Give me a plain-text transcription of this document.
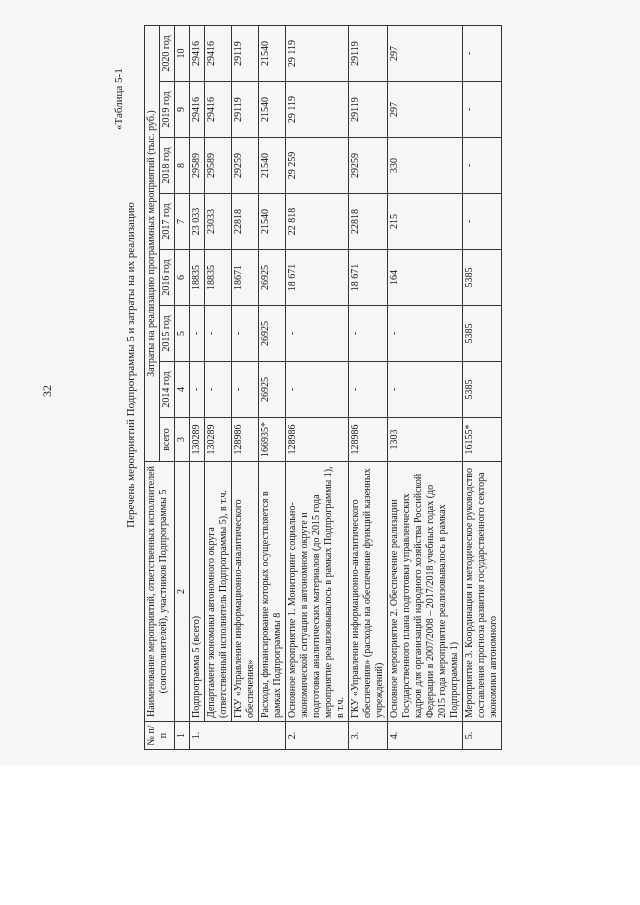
32
«Таблица 5-1
Перечень мероприятий Подпрограммы 5 и затраты на их реализацию
№ п/п	Наименование мероприятий, ответственных исполнителей (соисполнителей), участников Подпрограммы 5	Затраты на реализацию программных мероприятий (тыс. руб.)							
		всего	2014 год	2015 год	2016 год	2017 год	2018 год	2019 год	2020 год
1	2	3	4	5	6	7	8	9	10
1.	Подпрограмма 5 (всего)	130289	-	-	18835	23 033	29589	29416	29416
	Департамент экономики автономного округа (ответственный исполнитель Подпрограммы 5), в т.ч.	130289	-	-	18835	23033	29589	29416	29416
	ГКУ «Управление информационно-аналитического обеспечения»	128986	-	-	18671	22818	29259	29119	29119
	Расходы, финансирование которых осуществляется в рамках Подпрограммы 8	166935*	26925	26925	26925	21540	21540	21540	21540
2.	Основное мероприятие 1. Мониторинг социально-экономической ситуации в автономном округе и подготовка аналитических материалов (до 2015 года мероприятие реализовывалось в рамках Подпрограммы 1), в т.ч.	128986	-	-	18 671	22 818	29 259	29 119	29 119
3.	ГКУ «Управление информационно-аналитического обеспечения» (расходы на обеспечение функций казенных учреждений)	128986	-	-	18 671	22818	29259	29119	29119
4.	Основное мероприятие 2. Обеспечение реализации Государственного плана подготовки управленческих кадров для организаций народного хозяйства Российской Федерации в 2007/2008 – 2017/2018 учебных годах (до 2015 года мероприятие реализовывалось в рамках Подпрограммы 1)	1303	-	-	164	215	330	297	297
5.	Мероприятие 3. Координация и методическое руководство составления прогноза развития государственного сектора экономики автономного	16155*	5385	5385	5385	-	-	-	-
